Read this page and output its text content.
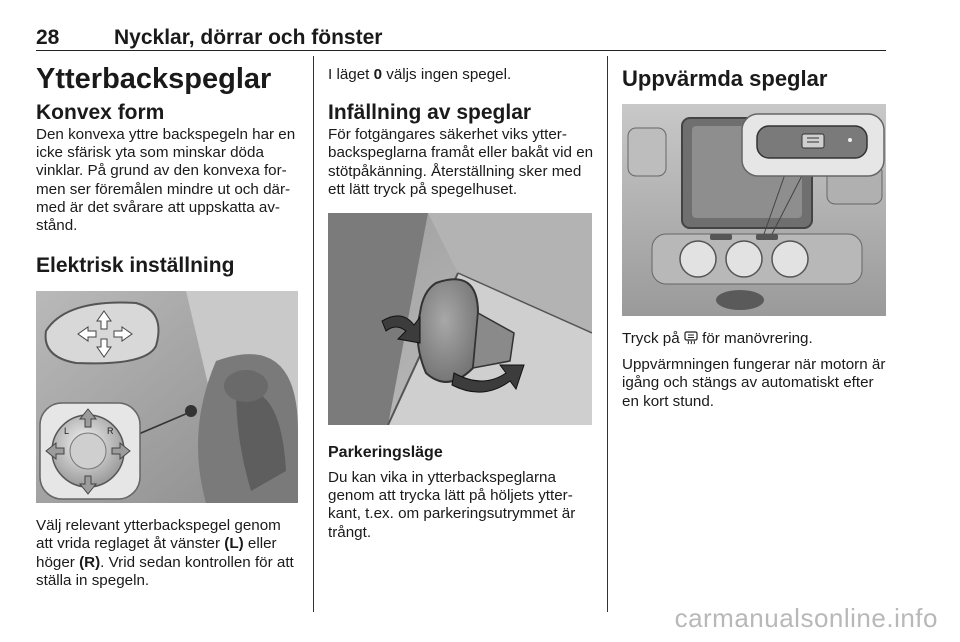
28	Nycklar, dörrar och fönster
Ytterbackspeglar
Konvex form

Den konvexa yttre backspegeln har en icke sfärisk yta som minskar döda vinklar. På grund av den konvexa for- men ser föremålen mindre ut och där- med är det svårare att uppskatta av- stånd.

Elektrisk inställning
L	R

Välj relevant ytterbackspegel genom att vrida reglaget åt vänster (L) eller höger (R). Vrid sedan kontrollen för att ställa in spegeln.

I läget 0 väljs ingen spegel.

Infällning av speglar

För fotgängares säkerhet viks ytter- backspeglarna framåt eller bakåt vid en stötpåkänning. Återställning sker med ett lätt tryck på spegelhuset.

Parkeringsläge

Du kan vika in ytterbackspeglarna genom att trycka lätt på höljets ytter- kant, t.ex. om parkeringsutrymmet är trångt.

Uppvärmda speglar

Tryck på  för manövrering.

Uppvärmningen fungerar när motorn är igång och stängs av automatiskt efter en kort stund.

carmanualsonline.info
